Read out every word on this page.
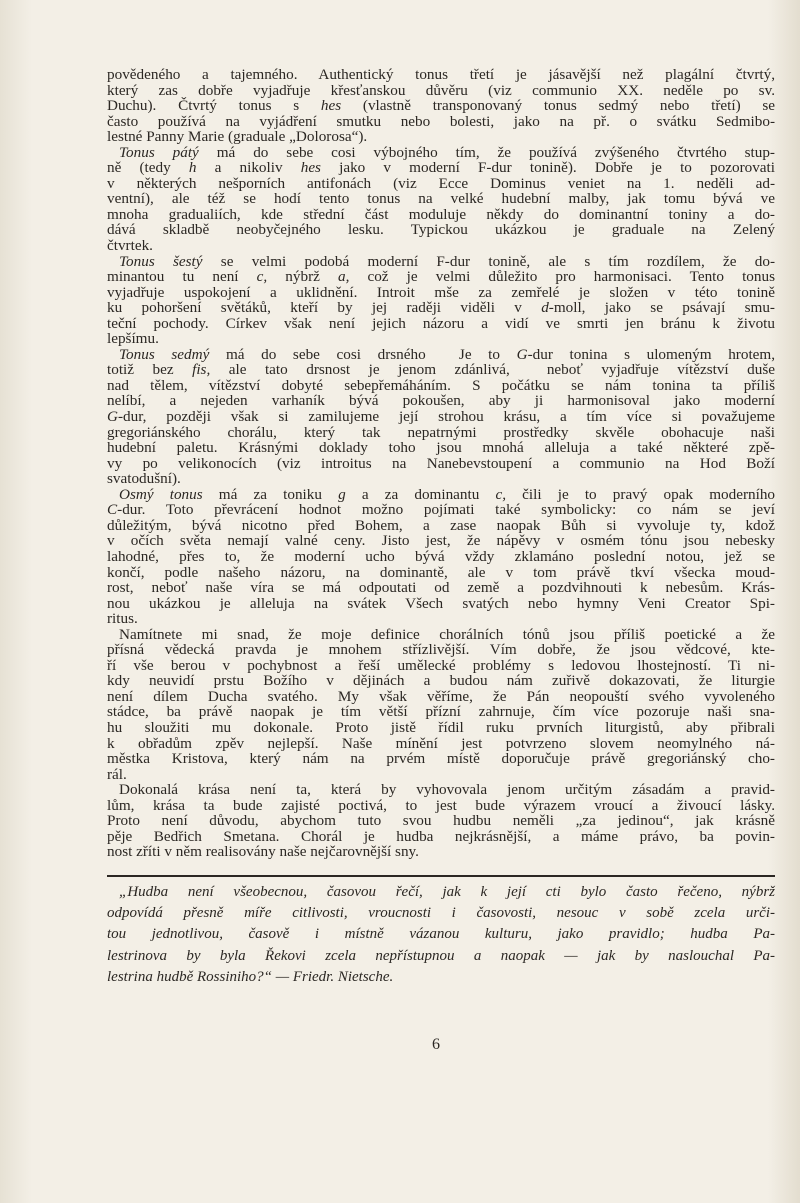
povědeného a tajemného. Authentický tonus třetí je jásavější než plagální čtvrtý,
který zas dobře vyjadřuje křesťanskou důvěru (viz communio XX. neděle po sv.
Duchu). Čtvrtý tonus s hes (vlastně transponovaný tonus sedmý nebo třetí) se
často používá na vyjádření smutku nebo bolesti, jako na př. o svátku Sedmibo-
lestné Panny Marie (graduale „Dolorosa“).
Tonus pátý má do sebe cosi výbojného tím, že používá zvýšeného čtvrtého stup-
ně (tedy h a nikoliv hes jako v moderní F-dur tonině). Dobře je to pozorovati
v některých nešporních antifonách (viz Ecce Dominus veniet na 1. neděli ad-
ventní), ale též se hodí tento tonus na velké hudební malby, jak tomu bývá ve
mnoha gradualiích, kde střední část moduluje někdy do dominantní toniny a do-
dává skladbě neobyčejného lesku. Typickou ukázkou je graduale na Zelený
čtvrtek.
Tonus šestý se velmi podobá moderní F-dur tonině, ale s tím rozdílem, že do-
minantou tu není c, nýbrž a, což je velmi důležito pro harmonisaci. Tento tonus
vyjadřuje uspokojení a uklidnění. Introit mše za zemřelé je složen v této tonině
ku pohoršení světáků, kteří by jej raději viděli v d-moll, jako se psávají smu-
teční pochody. Církev však není jejich názoru a vidí ve smrti jen bránu k životu
lepšímu.
Tonus sedmý má do sebe cosi drsného  Je to G-dur tonina s ulomeným hrotem,
totiž bez fis, ale tato drsnost je jenom zdánlivá,  neboť vyjadřuje vítězství duše
nad tělem, vítězství dobyté sebepřemáháním. S počátku se nám tonina ta příliš
nelíbí, a nejeden varhaník bývá pokoušen, aby ji harmonisoval jako moderní
G-dur, později však si zamilujeme její strohou krásu, a tím více si považujeme
gregoriánského chorálu, který tak nepatrnými prostředky skvěle obohacuje naši
hudební paletu. Krásnými doklady toho jsou mnohá alleluja a také některé zpě-
vy po velikonocích (viz introitus na Nanebevstoupení a communio na Hod Boží
svatodušní).
Osmý tonus má za toniku g a za dominantu c, čili je to pravý opak moderního
C-dur. Toto převrácení hodnot možno pojímati také symbolicky: co nám se jeví
důležitým, bývá nicotno před Bohem, a zase naopak Bůh si vyvoluje ty, kdož
v očích světa nemají valné ceny. Jisto jest, že nápěvy v osmém tónu jsou nebesky
lahodné, přes to, že moderní ucho bývá vždy zklamáno poslední notou, jež se
končí, podle našeho názoru, na dominantě, ale v tom právě tkví všecka moud-
rost, neboť naše víra se má odpoutati od země a pozdvihnouti k nebesům. Krás-
nou ukázkou je alleluja na svátek Všech svatých nebo hymny Veni Creator Spi-
ritus.
Namítnete mi snad, že moje definice chorálních tónů jsou příliš poetické a že
přísná vědecká pravda je mnohem střízlivější. Vím dobře, že jsou vědcové, kte-
ří vše berou v pochybnost a řeší umělecké problémy s ledovou lhostejností. Ti ni-
kdy neuvidí prstu Božího v dějinách a budou nám zuřivě dokazovati, že liturgie
není dílem Ducha svatého. My však věříme, že Pán neopouští svého vyvoleného
stádce, ba právě naopak je tím větší přízní zahrnuje, čím více pozoruje naši sna-
hu sloužiti mu dokonale. Proto jistě řídil ruku prvních liturgistů, aby přibrali
k obřadům zpěv nejlepší. Naše mínění jest potvrzeno slovem neomylného ná-
městka Kristova, který nám na prvém místě doporučuje právě gregoriánský cho-
rál.
Dokonalá krása není ta, která by vyhovovala jenom určitým zásadám a pravid-
lům, krása ta bude zajisté poctivá, to jest bude výrazem vroucí a živoucí lásky.
Proto není důvodu, abychom tuto svou hudbu neměli „za jedinou“, jak krásně
pěje Bedřich Smetana. Chorál je hudba nejkrásnější, a máme právo, ba povin-
nost zříti v něm realisovány naše nejčarovnější sny.
„Hudba není všeobecnou, časovou řečí, jak k její cti bylo často řečeno, nýbrž
odpovídá přesně míře citlivosti, vroucnosti i časovosti, nesouc v sobě zcela urči-
tou jednotlivou, časově i místně vázanou kulturu, jako pravidlo; hudba Pa-
lestrinova by byla Řekovi zcela nepřístupnou a naopak — jak by naslouchal Pa-
lestrina hudbě Rossiniho?“ — Friedr. Nietsche.
6
